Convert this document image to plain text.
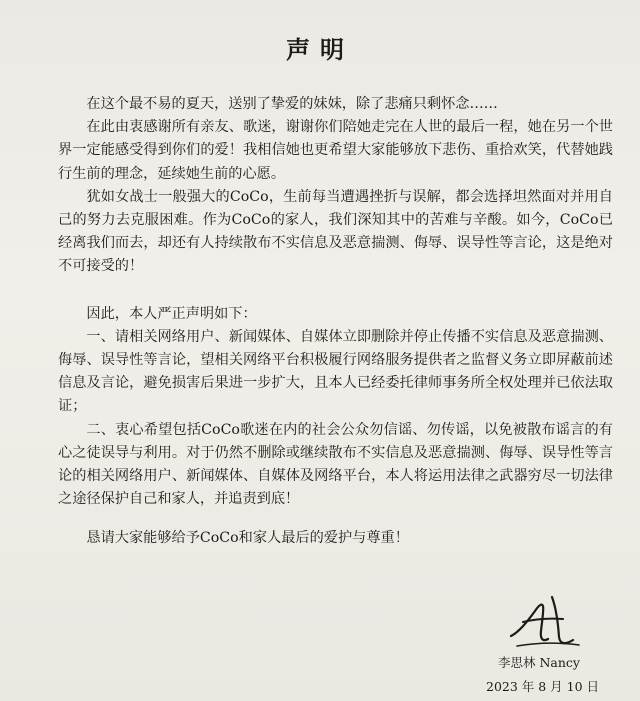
声明

在这个最不易的夏天，送别了挚爱的妹妹，除了悲痛只剩怀念……

在此由衷感谢所有亲友、歌迷，谢谢你们陪她走完在人世的最后一程，她在另一个世界一定能感受得到你们的爱！我相信她也更希望大家能够放下悲伤、重拾欢笑，代替她践行生前的理念，延续她生前的心愿。

犹如女战士一般强大的CoCo，生前每当遭遇挫折与误解，都会选择坦然面对并用自己的努力去克服困难。作为CoCo的家人，我们深知其中的苦难与辛酸。如今，CoCo已经离我们而去，却还有人持续散布不实信息及恶意揣测、侮辱、误导性等言论，这是绝对不可接受的！

因此，本人严正声明如下：

一、请相关网络用户、新闻媒体、自媒体立即删除并停止传播不实信息及恶意揣测、侮辱、误导性等言论，望相关网络平台积极履行网络服务提供者之监督义务立即屏蔽前述信息及言论，避免损害后果进一步扩大，且本人已经委托律师事务所全权处理并已依法取证；

二、衷心希望包括CoCo歌迷在内的社会公众勿信谣、勿传谣，以免被散布谣言的有心之徒误导与利用。对于仍然不删除或继续散布不实信息及恶意揣测、侮辱、误导性等言论的相关网络用户、新闻媒体、自媒体及网络平台，本人将运用法律之武器穷尽一切法律之途径保护自己和家人，并追责到底！

恳请大家能够给予CoCo和家人最后的爱护与尊重！

李思林 Nancy
2023 年 8 月 10 日
